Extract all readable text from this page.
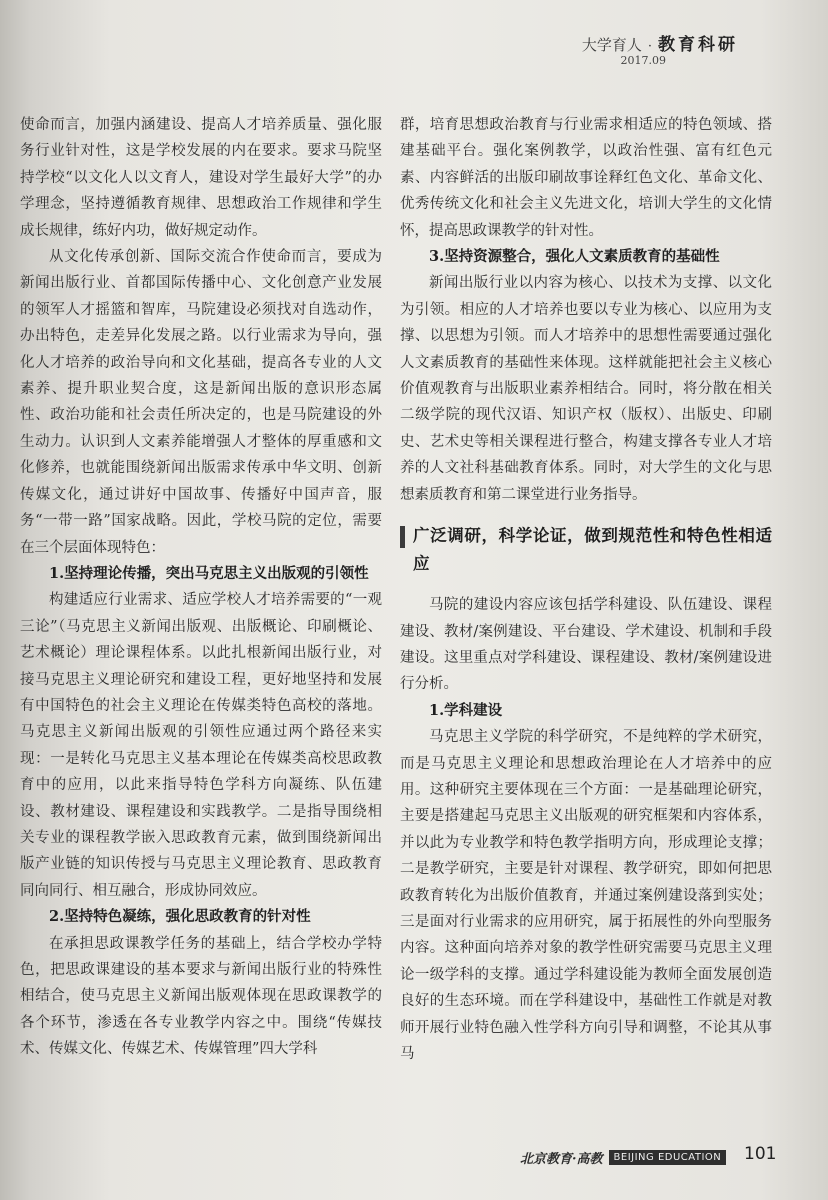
大学育人 · 教育科研
2017.09

使命而言，加强内涵建设、提高人才培养质量、强化服务行业针对性，这是学校发展的内在要求。要求马院坚持学校“以文化人以文育人，建设对学生最好大学”的办学理念，坚持遵循教育规律、思想政治工作规律和学生成长规律，练好内功，做好规定动作。

从文化传承创新、国际交流合作使命而言，要成为新闻出版行业、首都国际传播中心、文化创意产业发展的领军人才摇篮和智库，马院建设必须找对自选动作，办出特色，走差异化发展之路。以行业需求为导向，强化人才培养的政治导向和文化基础，提高各专业的人文素养、提升职业契合度，这是新闻出版的意识形态属性、政治功能和社会责任所决定的，也是马院建设的外生动力。认识到人文素养能增强人才整体的厚重感和文化修养，也就能围绕新闻出版需求传承中华文明、创新传媒文化，通过讲好中国故事、传播好中国声音，服务“一带一路”国家战略。因此，学校马院的定位，需要在三个层面体现特色：

1.坚持理论传播，突出马克思主义出版观的引领性

构建适应行业需求、适应学校人才培养需要的“一观三论”（马克思主义新闻出版观、出版概论、印刷概论、艺术概论）理论课程体系。以此扎根新闻出版行业，对接马克思主义理论研究和建设工程，更好地坚持和发展有中国特色的社会主义理论在传媒类特色高校的落地。马克思主义新闻出版观的引领性应通过两个路径来实现：一是转化马克思主义基本理论在传媒类高校思政教育中的应用，以此来指导特色学科方向凝练、队伍建设、教材建设、课程建设和实践教学。二是指导围绕相关专业的课程教学嵌入思政教育元素，做到围绕新闻出版产业链的知识传授与马克思主义理论教育、思政教育同向同行、相互融合，形成协同效应。

2.坚持特色凝练，强化思政教育的针对性

在承担思政课教学任务的基础上，结合学校办学特色，把思政课建设的基本要求与新闻出版行业的特殊性相结合，使马克思主义新闻出版观体现在思政课教学的各个环节，渗透在各专业教学内容之中。围绕“传媒技术、传媒文化、传媒艺术、传媒管理”四大学科

群，培育思想政治教育与行业需求相适应的特色领域、搭建基础平台。强化案例教学，以政治性强、富有红色元素、内容鲜活的出版印刷故事诠释红色文化、革命文化、优秀传统文化和社会主义先进文化，培训大学生的文化情怀，提高思政课教学的针对性。

3.坚持资源整合，强化人文素质教育的基础性

新闻出版行业以内容为核心、以技术为支撑、以文化为引领。相应的人才培养也要以专业为核心、以应用为支撑、以思想为引领。而人才培养中的思想性需要通过强化人文素质教育的基础性来体现。这样就能把社会主义核心价值观教育与出版职业素养相结合。同时，将分散在相关二级学院的现代汉语、知识产权（版权）、出版史、印刷史、艺术史等相关课程进行整合，构建支撑各专业人才培养的人文社科基础教育体系。同时，对大学生的文化与思想素质教育和第二课堂进行业务指导。

广泛调研，科学论证，做到规范性和特色性相适应

马院的建设内容应该包括学科建设、队伍建设、课程建设、教材/案例建设、平台建设、学术建设、机制和手段建设。这里重点对学科建设、课程建设、教材/案例建设进行分析。

1.学科建设

马克思主义学院的科学研究，不是纯粹的学术研究，而是马克思主义理论和思想政治理论在人才培养中的应用。这种研究主要体现在三个方面：一是基础理论研究，主要是搭建起马克思主义出版观的研究框架和内容体系，并以此为专业教学和特色教学指明方向，形成理论支撑；二是教学研究，主要是针对课程、教学研究，即如何把思政教育转化为出版价值教育，并通过案例建设落到实处；三是面对行业需求的应用研究，属于拓展性的外向型服务内容。这种面向培养对象的教学性研究需要马克思主义理论一级学科的支撑。通过学科建设能为教师全面发展创造良好的生态环境。而在学科建设中，基础性工作就是对教师开展行业特色融入性学科方向引导和调整，不论其从事马

北京教育·高教	BEIJING EDUCATION 101
